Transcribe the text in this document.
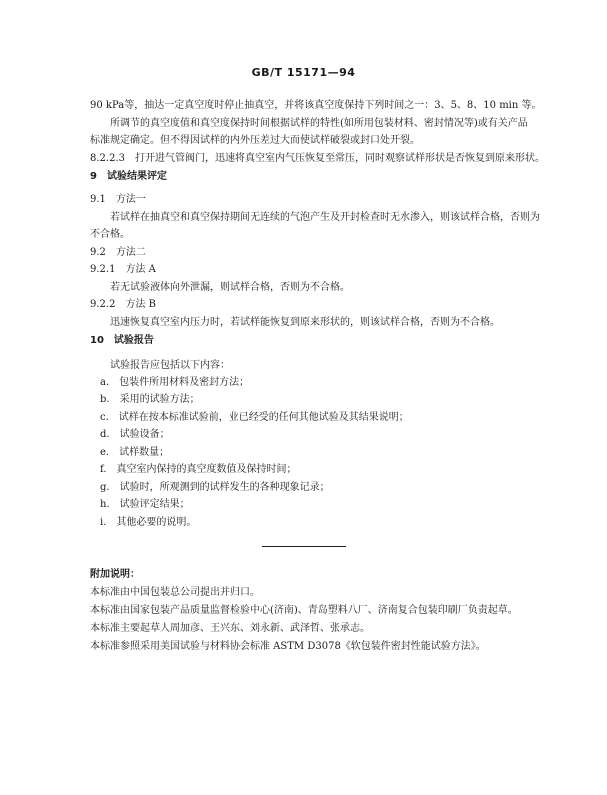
GB/T 15171—94
90 kPa等，抽达一定真空度时停止抽真空，并将该真空度保持下列时间之一：3、5、8、10 min 等。
所调节的真空度值和真空度保持时间根据试样的特性(如所用包装材料、密封情况等)或有关产品
标准规定确定。但不得因试样的内外压差过大而使试样破裂或封口处开裂。
8.2.2.3　打开进气管阀门，迅速将真空室内气压恢复至常压，同时观察试样形状是否恢复到原来形状。
9　试验结果评定
9.1　方法一
若试样在抽真空和真空保持期间无连续的气泡产生及开封检查时无水渗入，则该试样合格，否则为
不合格。
9.2　方法二
9.2.1　方法 A
若无试验液体向外泄漏，则试样合格，否则为不合格。
9.2.2　方法 B
迅速恢复真空室内压力时，若试样能恢复到原来形状的，则该试样合格，否则为不合格。
10　试验报告
试验报告应包括以下内容：
a.　包装件所用材料及密封方法；
b.　采用的试验方法；
c.　试样在按本标准试验前，业已经受的任何其他试验及其结果说明；
d.　试验设备；
e.　试样数量；
f.　真空室内保持的真空度数值及保持时间；
g.　试验时，所观测到的试样发生的各种现象记录；
h.　试验评定结果；
i.　其他必要的说明。
附加说明：
本标准由中国包装总公司提出并归口。
本标准由国家包装产品质量监督检验中心(济南)、青岛塑料八厂、济南复合包装印刷厂负责起草。
本标准主要起草人周加彦、王兴东、刘永新、武泽哲、张承志。
本标准参照采用美国试验与材料协会标准 ASTM D3078《软包装件密封性能试验方法》。
